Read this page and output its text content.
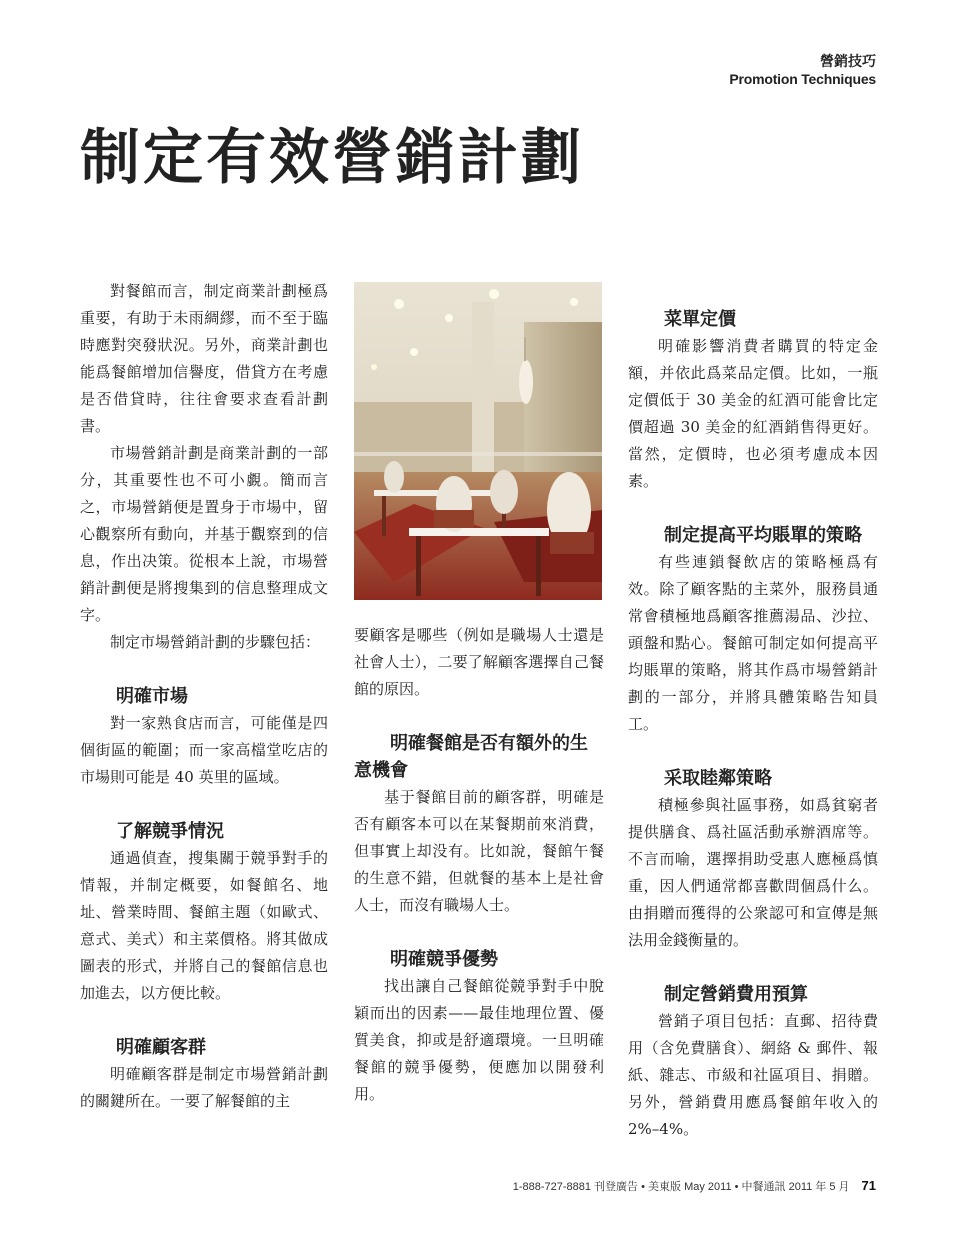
營銷技巧
Promotion Techniques
制定有效營銷計劃

對餐館而言，制定商業計劃極爲重要，有助于未雨綢繆，而不至于臨時應對突發狀況。另外，商業計劃也能爲餐館增加信譽度，借貸方在考慮是否借貸時，往往會要求查看計劃書。

市場營銷計劃是商業計劃的一部分，其重要性也不可小覷。簡而言之，市場營銷便是置身于市場中，留心觀察所有動向，并基于觀察到的信息，作出决策。從根本上說，市場營銷計劃便是將搜集到的信息整理成文字。

制定市場營銷計劃的步驟包括：

明確市場

對一家熟食店而言，可能僅是四個街區的範圍；而一家高檔堂吃店的市場則可能是 40 英里的區域。

了解競爭情況

通過偵查，搜集關于競爭對手的情報，并制定概要，如餐館名、地址、營業時間、餐館主題（如歐式、意式、美式）和主菜價格。將其做成圖表的形式，并將自己的餐館信息也加進去，以方便比較。

明確顧客群

明確顧客群是制定市場營銷計劃的關鍵所在。一要了解餐館的主

要顧客是哪些（例如是職場人士還是社會人士），二要了解顧客選擇自己餐館的原因。

明確餐館是否有額外的生意機會

基于餐館目前的顧客群，明確是否有顧客本可以在某餐期前來消費，但事實上却没有。比如說，餐館午餐的生意不錯，但就餐的基本上是社會人士，而沒有職場人士。

明確競爭優勢

找出讓自己餐館從競爭對手中脫穎而出的因素——最佳地理位置、優質美食，抑或是舒適環境。一旦明確餐館的競爭優勢，便應加以開發利用。

菜單定價

明確影響消費者購買的特定金額，并依此爲菜品定價。比如，一瓶定價低于 30 美金的紅酒可能會比定價超過 30 美金的紅酒銷售得更好。當然，定價時，也必須考慮成本因素。

制定提高平均賬單的策略

有些連鎖餐飲店的策略極爲有效。除了顧客點的主菜外，服務員通常會積極地爲顧客推薦湯品、沙拉、頭盤和點心。餐館可制定如何提高平均賬單的策略，將其作爲市場營銷計劃的一部分，并將具體策略告知員工。

采取睦鄰策略

積極參與社區事務，如爲貧窮者提供膳食、爲社區活動承辦酒席等。不言而喻，選擇捐助受惠人應極爲慎重，因人們通常都喜歡問個爲什么。由捐贈而獲得的公衆認可和宣傳是無法用金錢衡量的。

制定營銷費用預算

營銷子項目包括：直郵、招待費用（含免費膳食）、網絡 & 郵件、報紙、雜志、市級和社區項目、捐贈。另外，營銷費用應爲餐館年收入的 2%–4%。

1-888-727-8881 刊登廣告 • 美東版 May 2011 • 中餐通訊 2011 年 5 月 71
